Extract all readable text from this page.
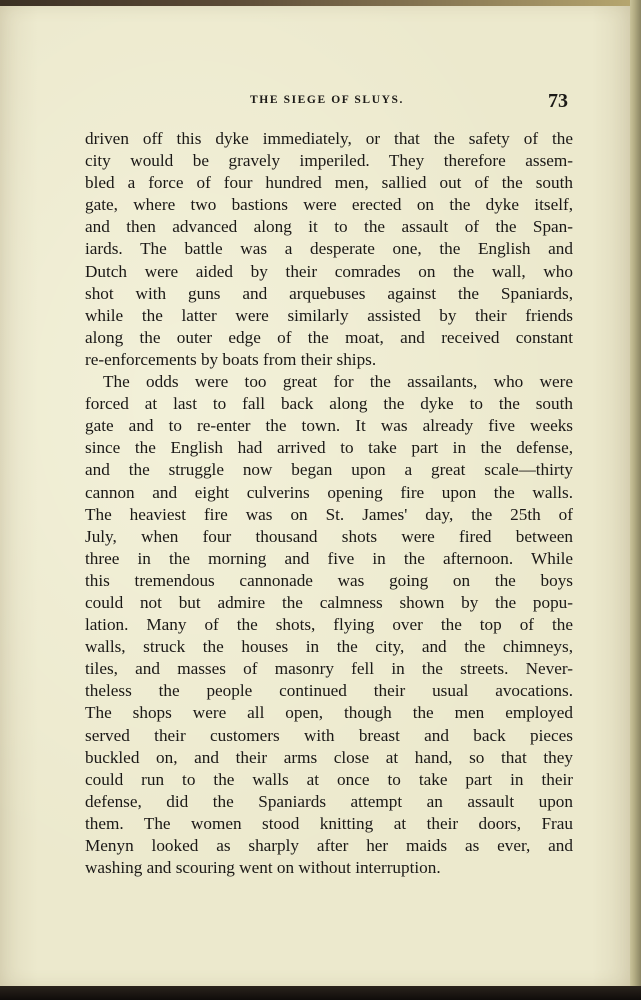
THE SIEGE OF SLUYS.	73
driven off this dyke immediately, or that the safety of the
city would be gravely imperiled. They therefore assem-
bled a force of four hundred men, sallied out of the south
gate, where two bastions were erected on the dyke itself,
and then advanced along it to the assault of the Span-
iards. The battle was a desperate one, the English and
Dutch were aided by their comrades on the wall, who
shot with guns and arquebuses against the Spaniards,
while the latter were similarly assisted by their friends
along the outer edge of the moat, and received constant
re-enforcements by boats from their ships.
The odds were too great for the assailants, who were
forced at last to fall back along the dyke to the south
gate and to re-enter the town. It was already five weeks
since the English had arrived to take part in the defense,
and the struggle now began upon a great scale—thirty
cannon and eight culverins opening fire upon the walls.
The heaviest fire was on St. James' day, the 25th of
July, when four thousand shots were fired between
three in the morning and five in the afternoon. While
this tremendous cannonade was going on the boys
could not but admire the calmness shown by the popu-
lation. Many of the shots, flying over the top of the
walls, struck the houses in the city, and the chimneys,
tiles, and masses of masonry fell in the streets. Never-
theless the people continued their usual avocations.
The shops were all open, though the men employed
served their customers with breast and back pieces
buckled on, and their arms close at hand, so that they
could run to the walls at once to take part in their
defense, did the Spaniards attempt an assault upon
them. The women stood knitting at their doors, Frau
Menyn looked as sharply after her maids as ever, and
washing and scouring went on without interruption.
